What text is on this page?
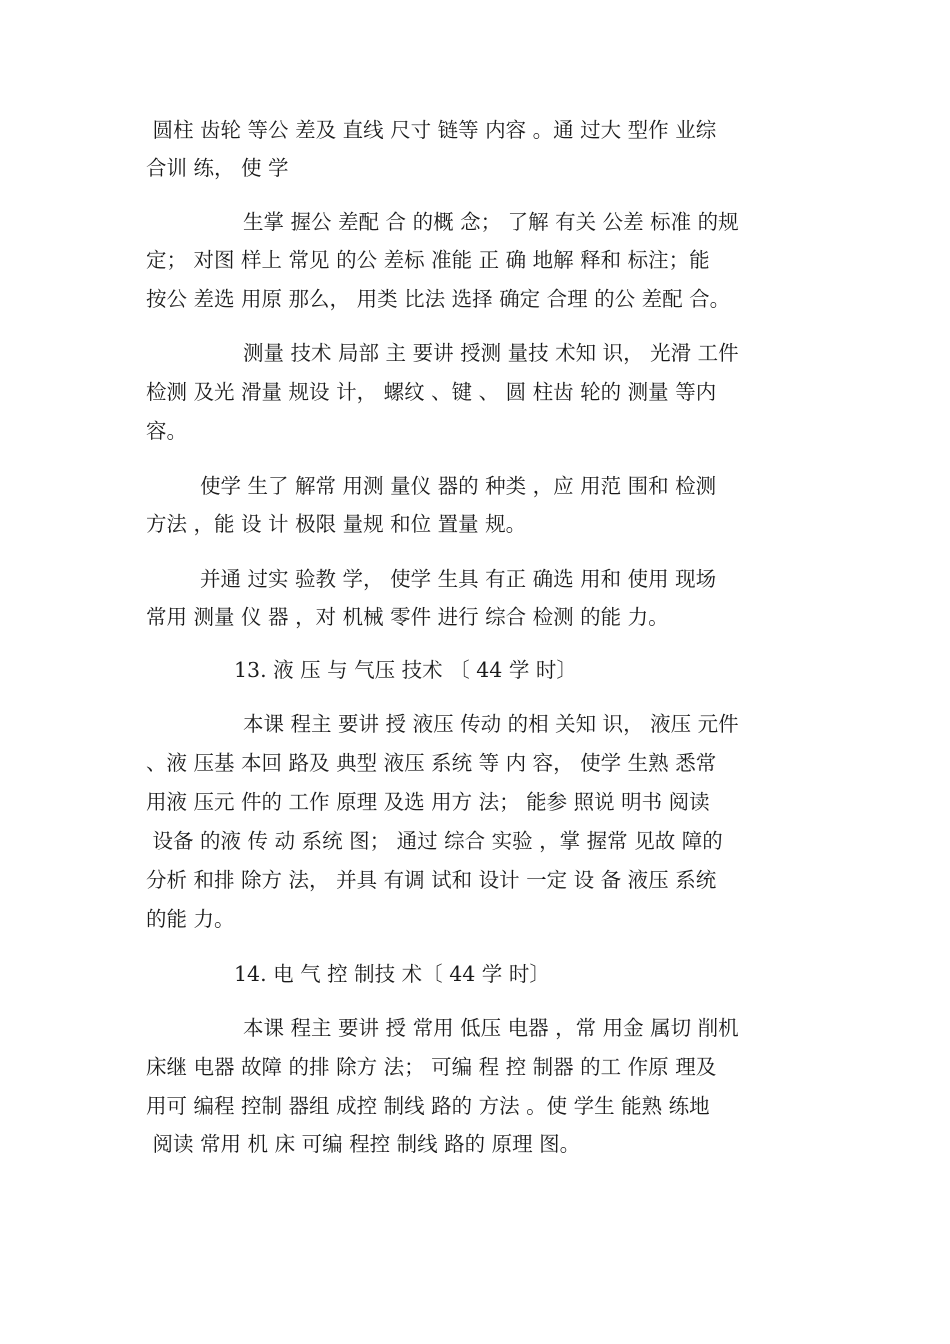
圆柱 齿轮 等公 差及 直线 尺寸 链等 内容 。通 过大 型作 业综
合训 练， 使 学
生掌 握公 差配 合 的概 念； 了解 有关 公差 标准 的规
定； 对图 样上 常见 的公 差标 准能 正 确 地解 释和 标注；能
按公 差选 用原 那么， 用类 比法 选择 确定 合理 的公 差配 合。
测量 技术 局部 主 要讲 授测 量技 术知 识， 光滑 工件
检测 及光 滑量 规设 计， 螺纹 、键 、 圆 柱齿 轮的 测量 等内
容。
使学 生了 解常 用测 量仪 器的 种类 ，应 用范 围和 检测
方法 ，能 设 计 极限 量规 和位 置量 规。
并通 过实 验教 学， 使学 生具 有正 确选 用和 使用 现场
常用 测量 仪 器 ，对 机械 零件 进行 综合 检测 的能 力。
13. 液 压 与 气压 技术 〔 44 学 时〕
本课 程主 要讲 授 液压 传动 的相 关知 识， 液压 元件
、液 压基 本回 路及 典型 液压 系统 等 内 容， 使学 生熟 悉常
用液 压元 件的 工作 原理 及选 用方 法； 能参 照说 明书 阅读
设备 的液 传 动 系统 图； 通过 综合 实验 ，掌 握常 见故 障的
分析 和排 除方 法， 并具 有调 试和 设计 一定 设 备 液压 系统
的能 力。
14. 电 气 控 制技 术〔 44 学 时〕
本课 程主 要讲 授 常用 低压 电器 ，常 用金 属切 削机
床继 电器 故障 的排 除方 法； 可编 程 控 制器 的工 作原 理及
用可 编程 控制 器组 成控 制线 路的 方法 。使 学生 能熟 练地
阅读 常用 机 床 可编 程控 制线 路的 原理 图。
